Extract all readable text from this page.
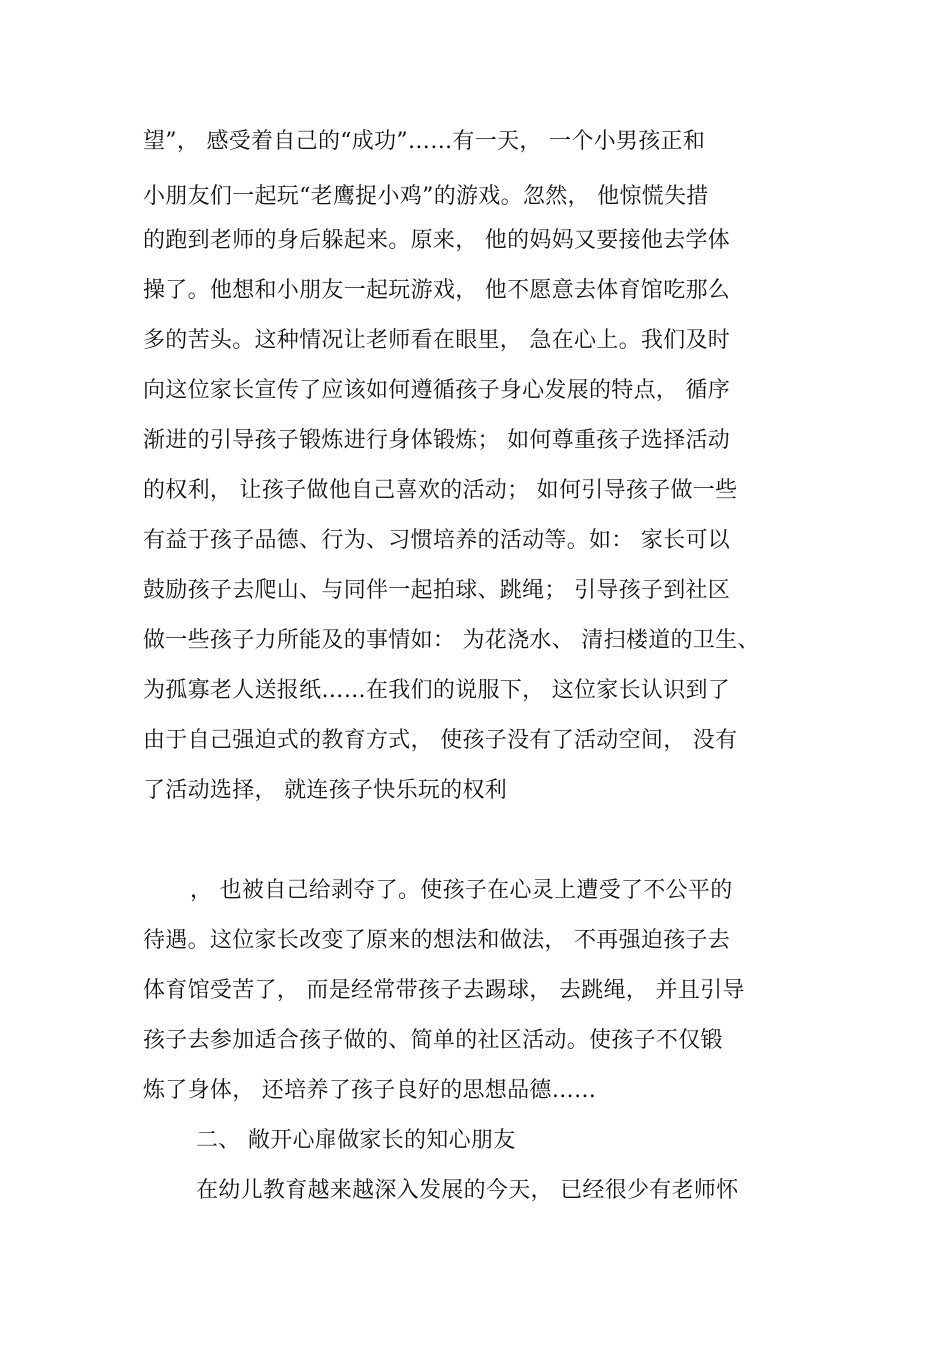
望”， 感受着自己的“成功”……有一天， 一个小男孩正和
小朋友们一起玩“老鹰捉小鸡”的游戏。忽然， 他惊慌失措
的跑到老师的身后躲起来。原来， 他的妈妈又要接他去学体
操了。他想和小朋友一起玩游戏， 他不愿意去体育馆吃那么
多的苦头。这种情况让老师看在眼里， 急在心上。我们及时
向这位家长宣传了应该如何遵循孩子身心发展的特点， 循序
渐进的引导孩子锻炼进行身体锻炼； 如何尊重孩子选择活动
的权利， 让孩子做他自己喜欢的活动； 如何引导孩子做一些
有益于孩子品德、行为、习惯培养的活动等。如： 家长可以
鼓励孩子去爬山、与同伴一起拍球、跳绳； 引导孩子到社区
做一些孩子力所能及的事情如： 为花浇水、 清扫楼道的卫生、
为孤寡老人送报纸……在我们的说服下， 这位家长认识到了
由于自己强迫式的教育方式， 使孩子没有了活动空间， 没有
了活动选择， 就连孩子快乐玩的权利
， 也被自己给剥夺了。使孩子在心灵上遭受了不公平的
待遇。这位家长改变了原来的想法和做法， 不再强迫孩子去
体育馆受苦了， 而是经常带孩子去踢球， 去跳绳， 并且引导
孩子去参加适合孩子做的、简单的社区活动。使孩子不仅锻
炼了身体， 还培养了孩子良好的思想品德……
二、 敞开心扉做家长的知心朋友
在幼儿教育越来越深入发展的今天， 已经很少有老师怀
